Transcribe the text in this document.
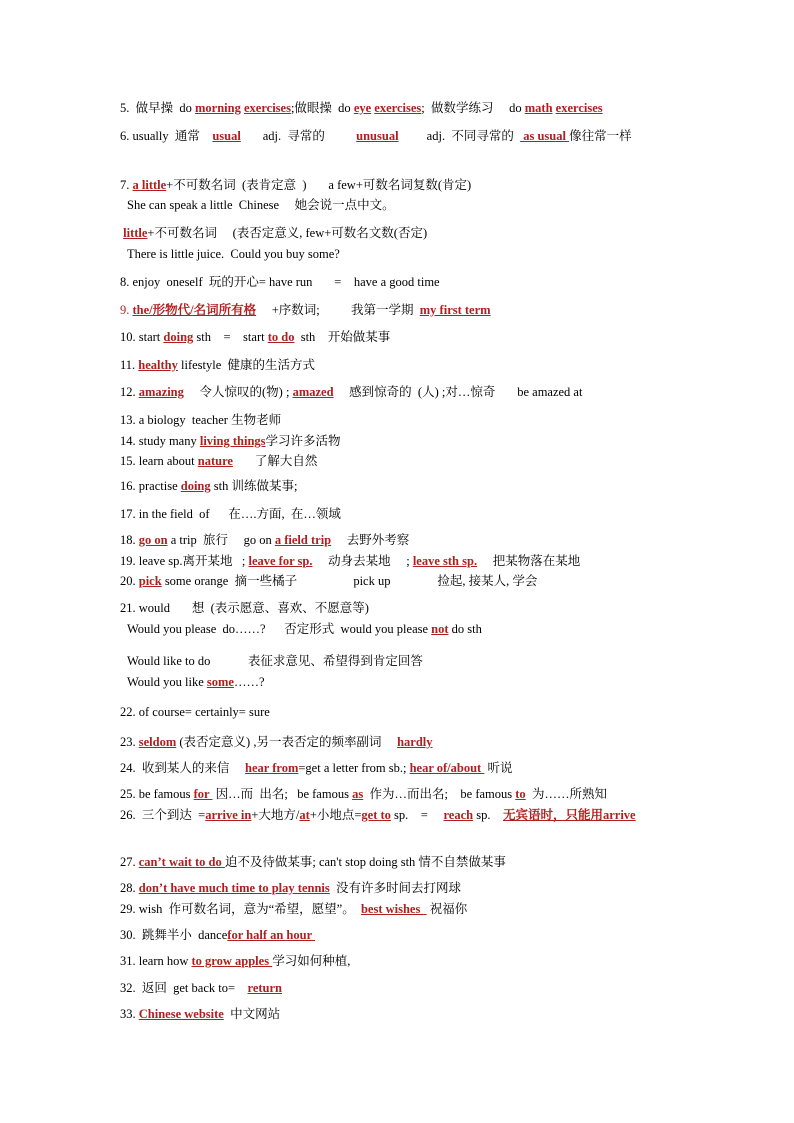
5.  做早操  do morning exercises;做眼操  do eye exercises;  做数学练习     do math exercises
6. usually  通常    usual       adj.  寻常的          unusual         adj.  不同寻常的   as usual 像往常一样
7. a little+不可数名词  (表肯定意  )       a few+可数名词复数(肯定)
She can speak a little  Chinese     她会说一点中文。
little+不可数名词     (表否定意义, few+可数名文数(否定)
There is little juice.  Could you buy some?
8. enjoy  oneself  玩的开心= have run       =    have a good time
9. the/形物代/名词所有格     +序数词;          我第一学期  my first term
10. start doing sth    =    start to do  sth    开始做某事
11. healthy lifestyle  健康的生活方式
12. amazing     令人惊叹的(物) ; amazed     感到惊奇的  (人) ;对…惊奇       be amazed at
13. a biology  teacher 生物老师
14. study many living things学习许多活物
15. learn about nature       了解大自然
16. practise doing sth 训练做某事;
17. in the field  of      在….方面,  在…领域
18. go on a trip  旅行     go on a field trip     去野外考察
19. leave sp.离开某地   ; leave for sp.     动身去某地     ; leave sth sp.     把某物落在某地
20. pick some orange  摘一些橘子                  pick up               捡起, 接某人, 学会
21. would       想  (表示愿意、喜欢、不愿意等)
Would you please  do……?      否定形式  would you please not do sth
Would like to do            表征求意见、希望得到肯定回答
Would you like some……?
22. of course= certainly= sure
23. seldom (表否定意义) ,另一表否定的频率副词     hardly
24.  收到某人的来信     hear from=get a letter from sb.; hear of/about  听说
25. be famous for  因…而  出名;   be famous as  作为…而出名;    be famous to  为……所熟知
26.  三个到达  =arrive in+大地方/at+小地点=get to sp.    =     reach sp.    无宾语时，只能用arrive
27. can’t wait to do 迫不及待做某事; can't stop doing sth 情不自禁做某事
28. don’t have much time to play tennis  没有许多时间去打网球
29. wish  作可数名词，意为“希望，愿望”。  best wishes   祝福你
30.  跳舞半小  dancefor half an hour
31. learn how to grow apples 学习如何种植,
32.  返回  get back to=    return
33. Chinese website  中文网站
